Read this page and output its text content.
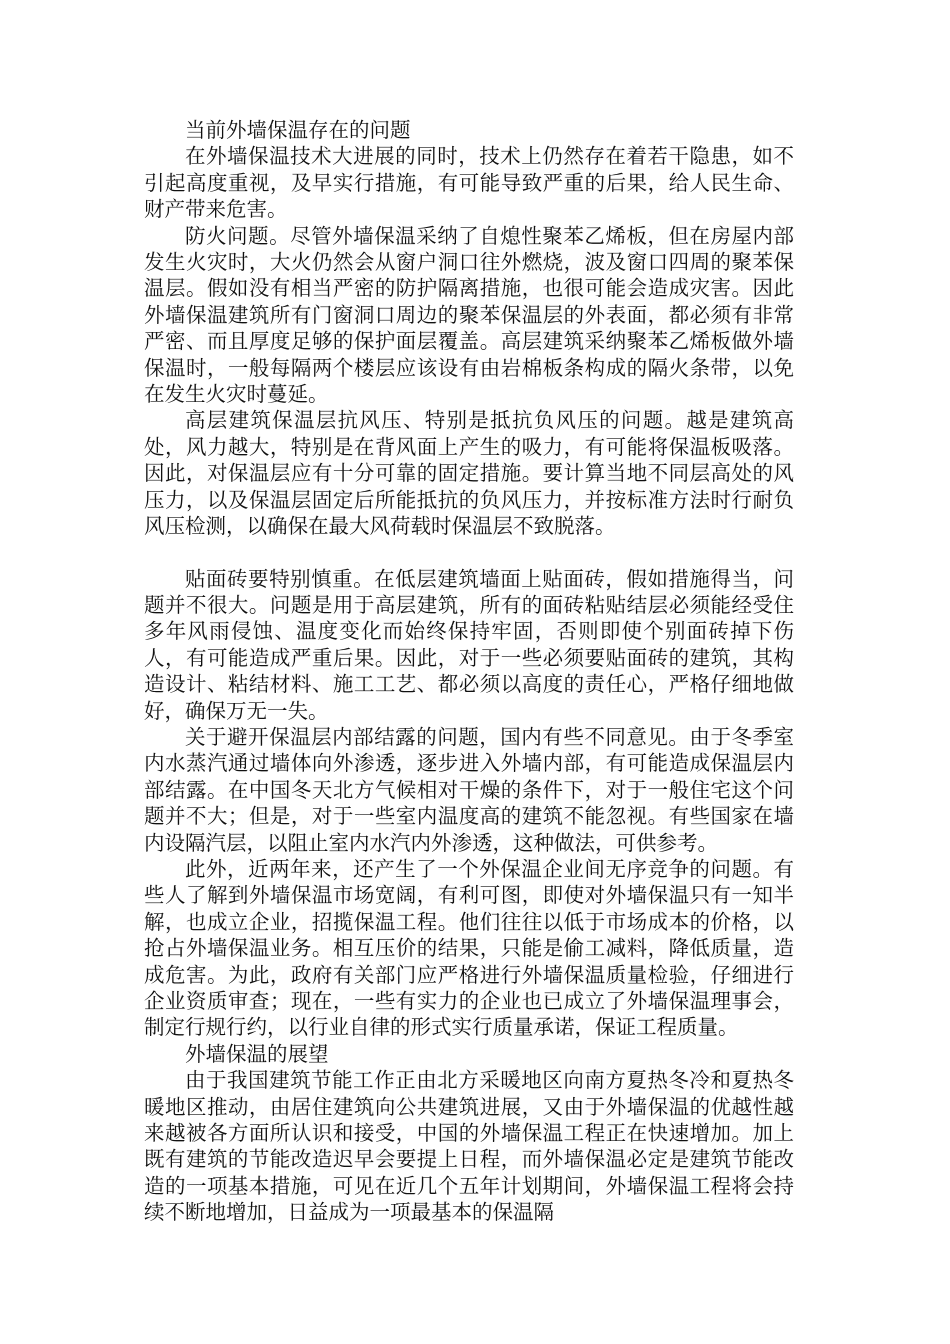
当前外墙保温存在的问题

在外墙保温技术大进展的同时，技术上仍然存在着若干隐患，如不引起高度重视，及早实行措施，有可能导致严重的后果，给人民生命、财产带来危害。

防火问题。尽管外墙保温采纳了自熄性聚苯乙烯板，但在房屋内部发生火灾时，大火仍然会从窗户洞口往外燃烧，波及窗口四周的聚苯保温层。假如没有相当严密的防护隔离措施，也很可能会造成灾害。因此外墙保温建筑所有门窗洞口周边的聚苯保温层的外表面，都必须有非常严密、而且厚度足够的保护面层覆盖。高层建筑采纳聚苯乙烯板做外墙保温时，一般每隔两个楼层应该设有由岩棉板条构成的隔火条带，以免在发生火灾时蔓延。

高层建筑保温层抗风压、特别是抵抗负风压的问题。越是建筑高处，风力越大，特别是在背风面上产生的吸力，有可能将保温板吸落。因此，对保温层应有十分可靠的固定措施。要计算当地不同层高处的风压力，以及保温层固定后所能抵抗的负风压力，并按标准方法时行耐负风压检测，以确保在最大风荷载时保温层不致脱落。

贴面砖要特别慎重。在低层建筑墙面上贴面砖，假如措施得当，问题并不很大。问题是用于高层建筑，所有的面砖粘贴结层必须能经受住多年风雨侵蚀、温度变化而始终保持牢固，否则即使个别面砖掉下伤人，有可能造成严重后果。因此，对于一些必须要贴面砖的建筑，其构造设计、粘结材料、施工工艺、都必须以高度的责任心，严格仔细地做好，确保万无一失。

关于避开保温层内部结露的问题，国内有些不同意见。由于冬季室内水蒸汽通过墙体向外渗透，逐步进入外墙内部，有可能造成保温层内部结露。在中国冬天北方气候相对干燥的条件下，对于一般住宅这个问题并不大；但是，对于一些室内温度高的建筑不能忽视。有些国家在墙内设隔汽层，以阻止室内水汽内外渗透，这种做法，可供参考。

此外，近两年来，还产生了一个外保温企业间无序竞争的问题。有些人了解到外墙保温市场宽阔，有利可图，即使对外墙保温只有一知半解，也成立企业，招揽保温工程。他们往往以低于市场成本的价格，以抢占外墙保温业务。相互压价的结果，只能是偷工减料，降低质量，造成危害。为此，政府有关部门应严格进行外墙保温质量检验，仔细进行企业资质审查；现在，一些有实力的企业也已成立了外墙保温理事会，制定行规行约，以行业自律的形式实行质量承诺，保证工程质量。

外墙保温的展望

由于我国建筑节能工作正由北方采暖地区向南方夏热冬冷和夏热冬暖地区推动，由居住建筑向公共建筑进展，又由于外墙保温的优越性越来越被各方面所认识和接受，中国的外墙保温工程正在快速增加。加上既有建筑的节能改造迟早会要提上日程，而外墙保温必定是建筑节能改造的一项基本措施，可见在近几个五年计划期间，外墙保温工程将会持续不断地增加，日益成为一项最基本的保温隔
